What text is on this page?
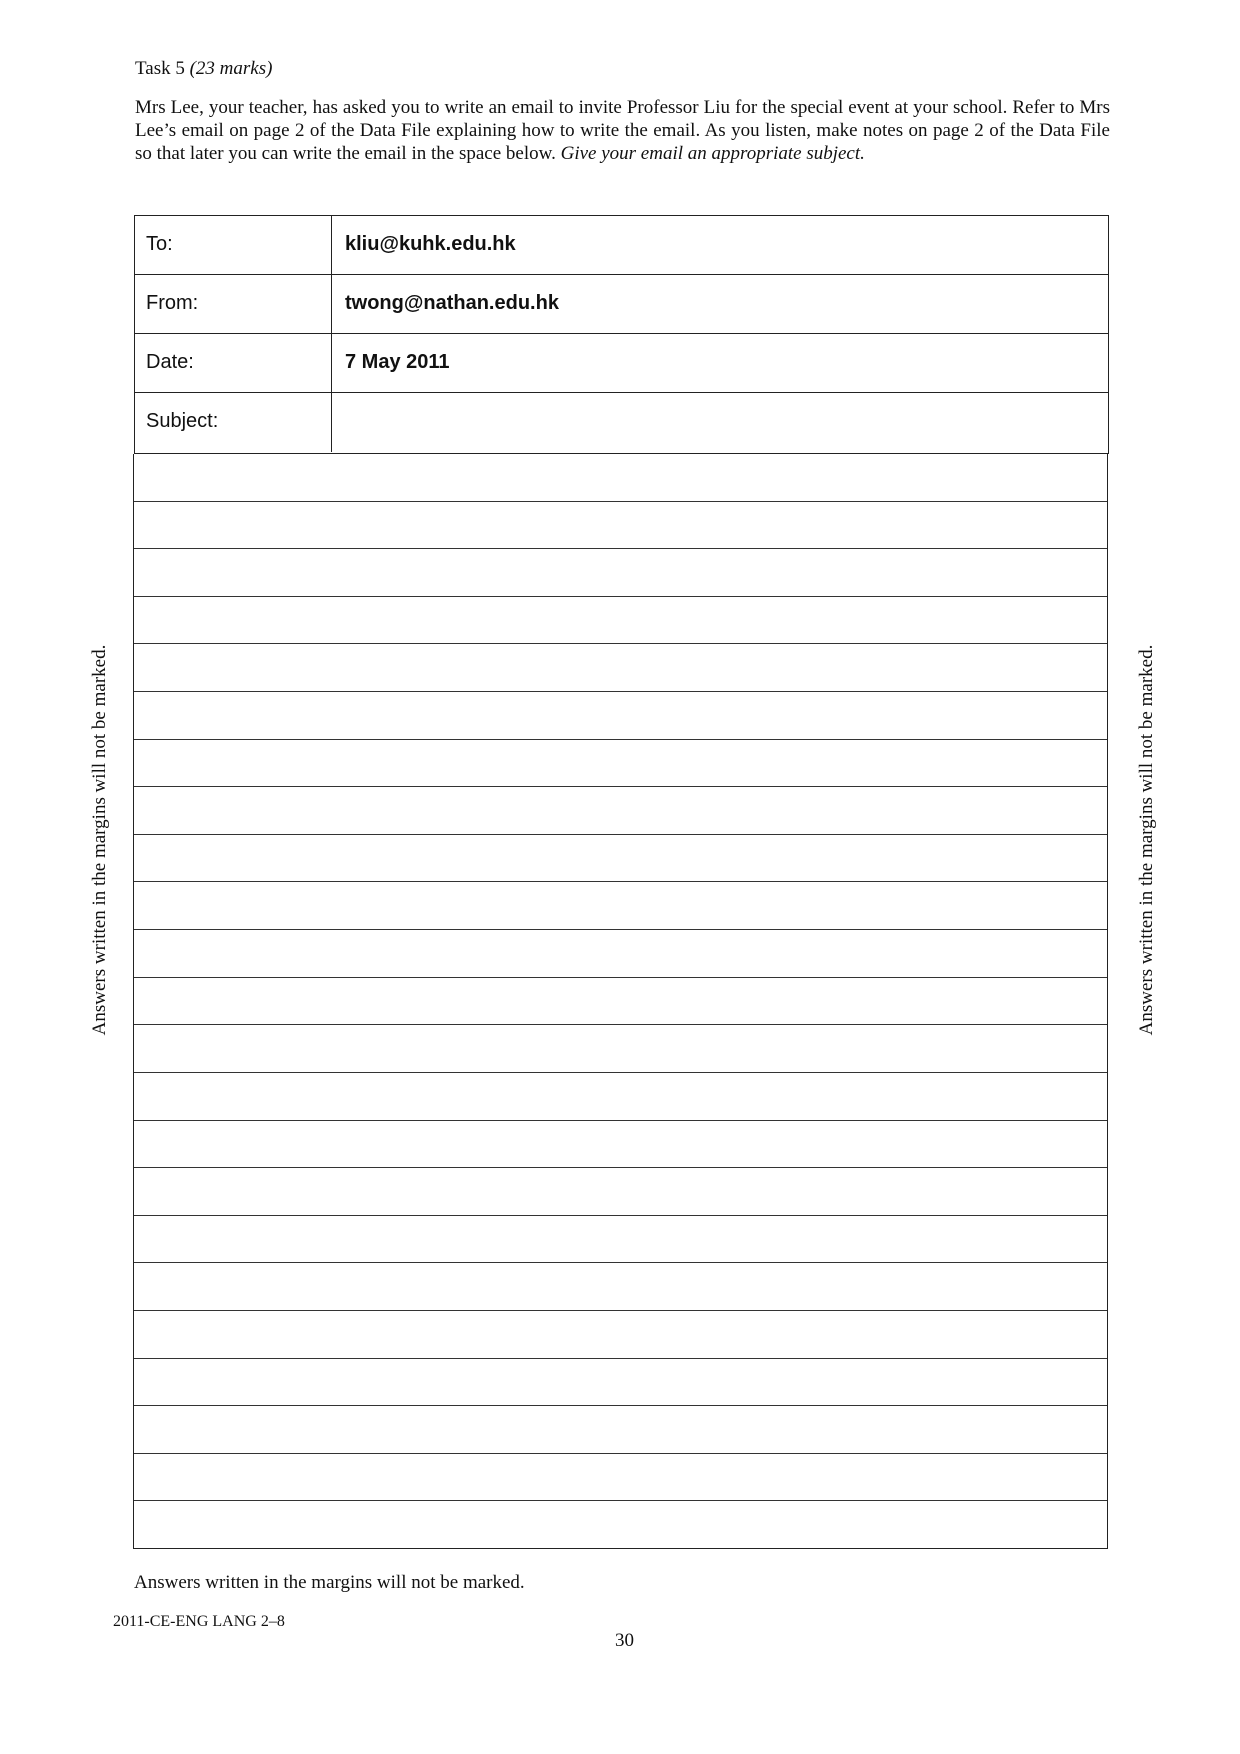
Task 5 (23 marks)
Mrs Lee, your teacher, has asked you to write an email to invite Professor Liu for the special event at your school. Refer to Mrs Lee’s email on page 2 of the Data File explaining how to write the email. As you listen, make notes on page 2 of the Data File so that later you can write the email in the space below. Give your email an appropriate subject.
To:	kliu@kuhk.edu.hk
From:	twong@nathan.edu.hk
Date:	7 May 2011
Subject:
Answers written in the margins will not be marked.	Answers written in the margins will not be marked.
Answers written in the margins will not be marked.
2011-CE-ENG LANG 2–8
30
